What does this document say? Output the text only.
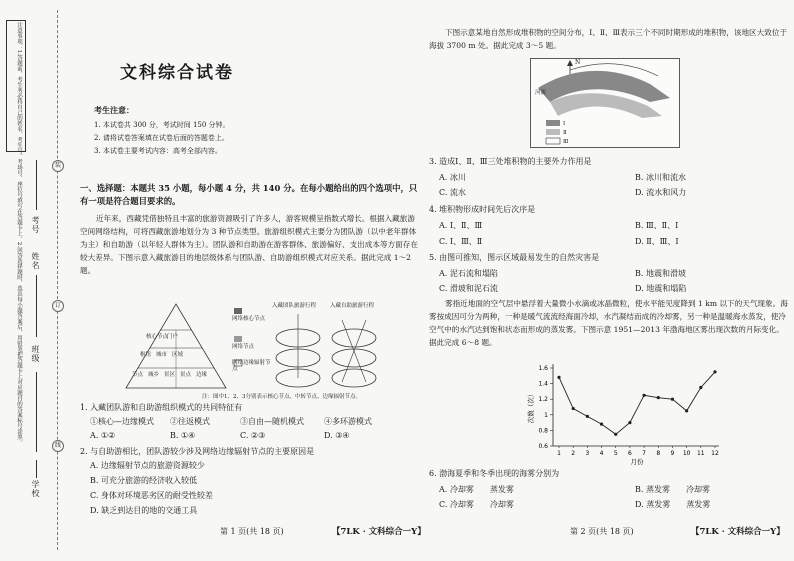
注意事项：1.答题前，考生务必将自己的姓名、考生号、考场号、座位号填写在答题卡上。2.回答选择题时，选出每小题答案后，用铅笔把答题卡上对应题目的答案标号涂黑。
学校
班级
姓名
考号
装
订
线
文科综合试卷
考生注意：
1. 本试卷共 300 分，考试时间 150 分钟。
2. 请将试卷答案填在试卷后面的答题卷上。
3. 本试卷主要考试内容：高考全部内容。
一、选择题：本题共 35 小题，每小题 4 分，共 140 分。在每小题给出的四个选项中，只有一项是符合题目要求的。
近年来，西藏凭借独特且丰富的旅游资源吸引了许多人，游客规模呈指数式增长。根据入藏旅游空间网络结构，可将西藏旅游地划分为 3 种节点类型。旅游组织模式主要分为团队游（以中老年群体为主）和自助游（以年轻人群体为主）。团队游和自助游在游客群体、旅游偏好、支出成本等方面存在较大差异。下图示意入藏旅游目的地层级体系与团队游、自助游组织模式对应关系。据此完成 1～2 题。
核心节点
门户
枢纽 城市 区域
节点 城乡 景区 景点 边缘
网络核心节点
网络节点
网络边缘辐射节点
入藏团队旅游行程	入藏自助旅游行程
注：图中1、2、3分别表示核心节点、中转节点、边缘辐射节点。
1. 入藏团队游和自助游组织模式的共同特征有
①核心—边缘模式 ②往返模式	③自由—随机模式	④多环游模式
A. ①②	B. ①④	C. ②③	D. ③④
2. 与自助游相比，团队游较少涉及网络边缘辐射节点的主要原因是
A. 边缘辐射节点的旅游资源较少
B. 可充分旅游的经济收入较低
C. 身体对环境恶劣区的耐受性较差
D. 缺乏到达目的地的交通工具
第 1 页(共 18 页)	【7LK · 文科综合一Y】
下图示意某地自然形成堆积物的空间分布，Ⅰ、Ⅱ、Ⅲ表示三个不同时期形成的堆积物，该地区大致位于海拔 3700 m 处。据此完成 3～5 题。
N
河流
Ⅰ
Ⅱ
Ⅲ
3. 造成Ⅰ、Ⅱ、Ⅲ三处堆积物的主要外力作用是
A. 冰川	B. 冰川和流水
C. 流水	D. 流水和风力
4. 堆积物形成时间先后次序是
A. Ⅰ、Ⅱ、Ⅲ	B. Ⅲ、Ⅱ、Ⅰ
C. Ⅰ、Ⅲ、Ⅱ	D. Ⅱ、Ⅲ、Ⅰ
5. 由图可推知，图示区域最易发生的自然灾害是
A. 泥石流和塌陷	B. 地震和滑坡
C. 滑坡和泥石流	D. 地震和塌陷
雾指近地面的空气层中悬浮着大量微小水滴或冰晶微粒，使水平能见度降到 1 km 以下的天气现象。海雾按成因可分为两种，一种是暖气流流经海面冷却，水汽凝结而成的冷却雾，另一种是温暖海水蒸发，使冷空气中的水汽达到饱和状态而形成的蒸发雾。下图示意 1951—2013 年渤海地区雾出现次数的月际变化。据此完成 6～8 题。
0.6
0.8
1
1.2
1.4
1.6
1 2 3 4 5 6 7 8 9 10 11 12
月份
次数（次）
6. 渤海夏季和冬季出现的海雾分别为
A. 冷却雾　　蒸发雾	B. 蒸发雾　　冷却雾
C. 冷却雾　　冷却雾	D. 蒸发雾　　蒸发雾
第 2 页(共 18 页)	【7LK · 文科综合一Y】
